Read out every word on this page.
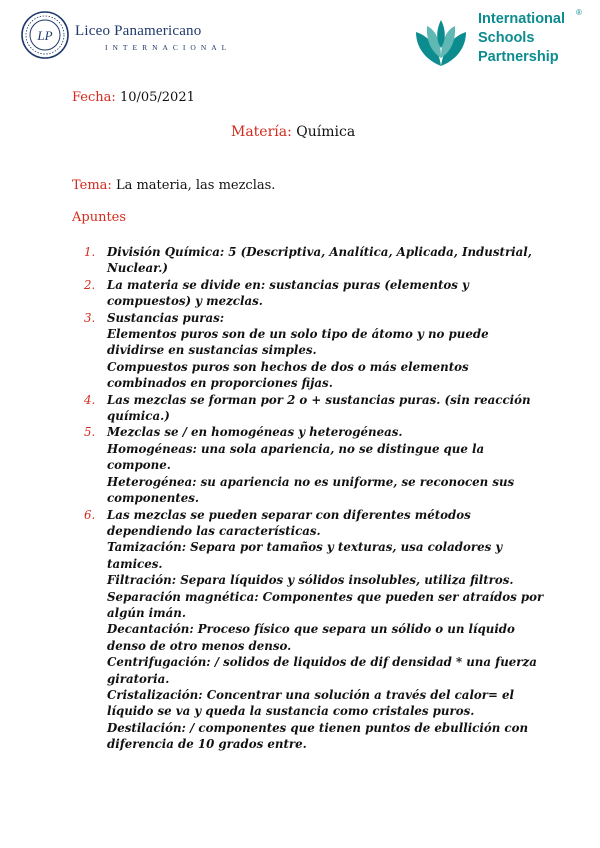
LP Liceo Panamericano
INTERNACIONAL
International
Schools
Partnership
®
Fecha: 10/05/2021
Matería: Química
Tema: La materia, las mezclas.
Apuntes
1. División Química: 5 (Descriptiva, Analítica, Aplicada, Industrial, Nuclear.)

2. La materia se divide en: sustancias puras (elementos y compuestos) y mezclas.

3. Sustancias puras:

Elementos puros son de un solo tipo de átomo y no puede dividirse en sustancias simples.

Compuestos puros son hechos de dos o más elementos combinados en proporciones fijas.

4. Las mezclas se forman por 2 o + sustancias puras. (sin reacción química.)

5. Mezclas se / en homogéneas y heterogéneas.

Homogéneas: una sola apariencia, no se distingue que la compone.

Heterogénea: su apariencia no es uniforme, se reconocen sus componentes.

6. Las mezclas se pueden separar con diferentes métodos dependiendo las características.

Tamización: Separa por tamaños y texturas, usa coladores y tamices.

Filtración: Separa líquidos y sólidos insolubles, utiliza filtros.

Separación magnética: Componentes que pueden ser atraídos por algún imán.

Decantación: Proceso físico que separa un sólido o un líquido denso de otro menos denso.

Centrifugación: / solidos de liquidos de dif densidad * una fuerza giratoria.

Cristalización: Concentrar una solución a través del calor= el líquido se va y queda la sustancia como cristales puros.

Destilación: / componentes que tienen puntos de ebullición con diferencia de 10 grados entre.
